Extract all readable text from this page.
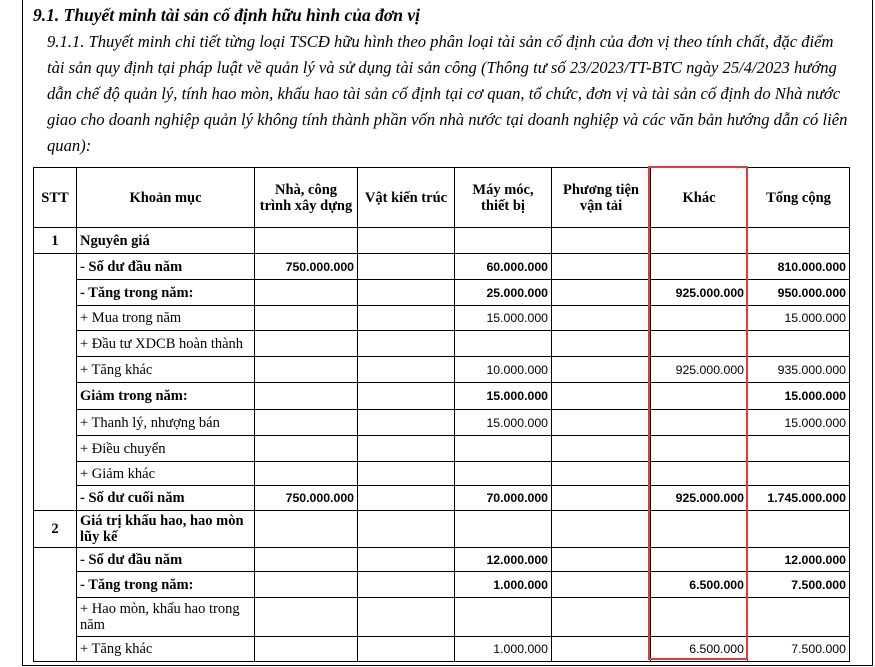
9.1. Thuyết minh tài sản cố định hữu hình của đơn vị
9.1.1. Thuyết minh chi tiết từng loại TSCĐ hữu hình theo phân loại tài sản cố định của đơn vị theo tính chất, đặc điểm tài sản quy định tại pháp luật về quản lý và sử dụng tài sản công (Thông tư số 23/2023/TT-BTC ngày 25/4/2023 hướng dẫn chế độ quản lý, tính hao mòn, khấu hao tài sản cố định tại cơ quan, tổ chức, đơn vị và tài sản cố định do Nhà nước giao cho doanh nghiệp quản lý không tính thành phần vốn nhà nước tại doanh nghiệp và các văn bản hướng dẫn có liên quan):
STT	Khoản mục	Nhà, công trình xây dựng	Vật kiến trúc	Máy móc, thiết bị	Phương tiện vận tải	Khác	Tổng cộng
1	Nguyên giá						
	- Số dư đầu năm	750.000.000		60.000.000			810.000.000
	- Tăng trong năm:			25.000.000		925.000.000	950.000.000
	+ Mua trong năm			15.000.000			15.000.000
	+ Đầu tư XDCB hoàn thành						
	+ Tăng khác			10.000.000		925.000.000	935.000.000
	Giảm trong năm:			15.000.000			15.000.000
	+ Thanh lý, nhượng bán			15.000.000			15.000.000
	+ Điều chuyển						
	+ Giảm khác						
	- Số dư cuối năm	750.000.000		70.000.000		925.000.000	1.745.000.000
2	Giá trị khấu hao, hao mòn lũy kế						
	- Số dư đầu năm			12.000.000			12.000.000
	- Tăng trong năm:			1.000.000		6.500.000	7.500.000
	+ Hao mòn, khấu hao trong năm						
	+ Tăng khác			1.000.000		6.500.000	7.500.000
